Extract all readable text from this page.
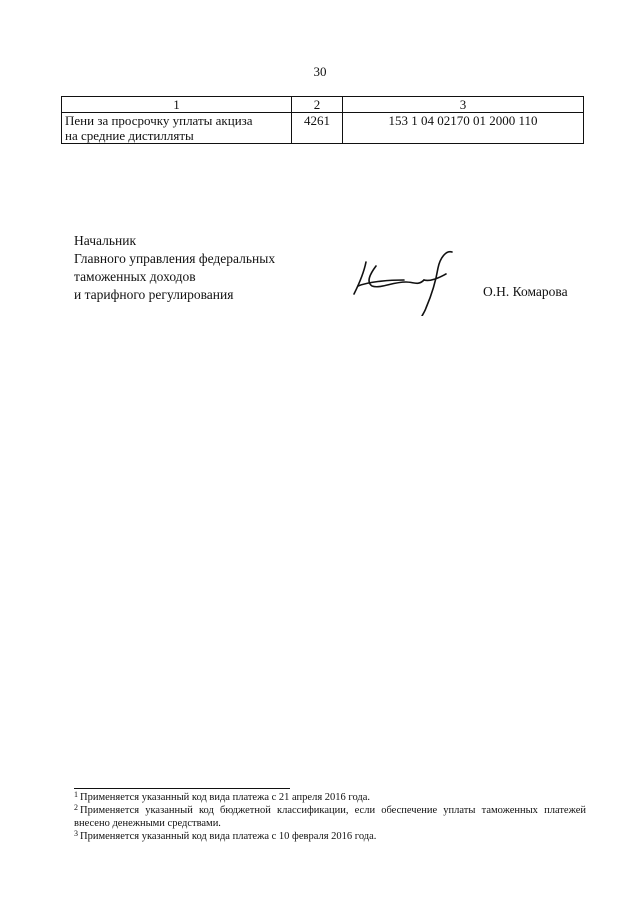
30
1	2	3

Пени за просрочку уплаты акциза
на средние дистилляты	4261	153 1 04 02170 01 2000 110
Начальник
Главного управления федеральных
таможенных доходов
и тарифного регулирования	О.Н. Комарова
$^1$ Применяется указанный код вида платежа с 21 апреля 2016 года.
$^2$ Применяется указанный код бюджетной классификации, если обеспечение уплаты таможенных платежей внесено денежными средствами.
$^3$ Применяется указанный код вида платежа с 10 февраля 2016 года.
